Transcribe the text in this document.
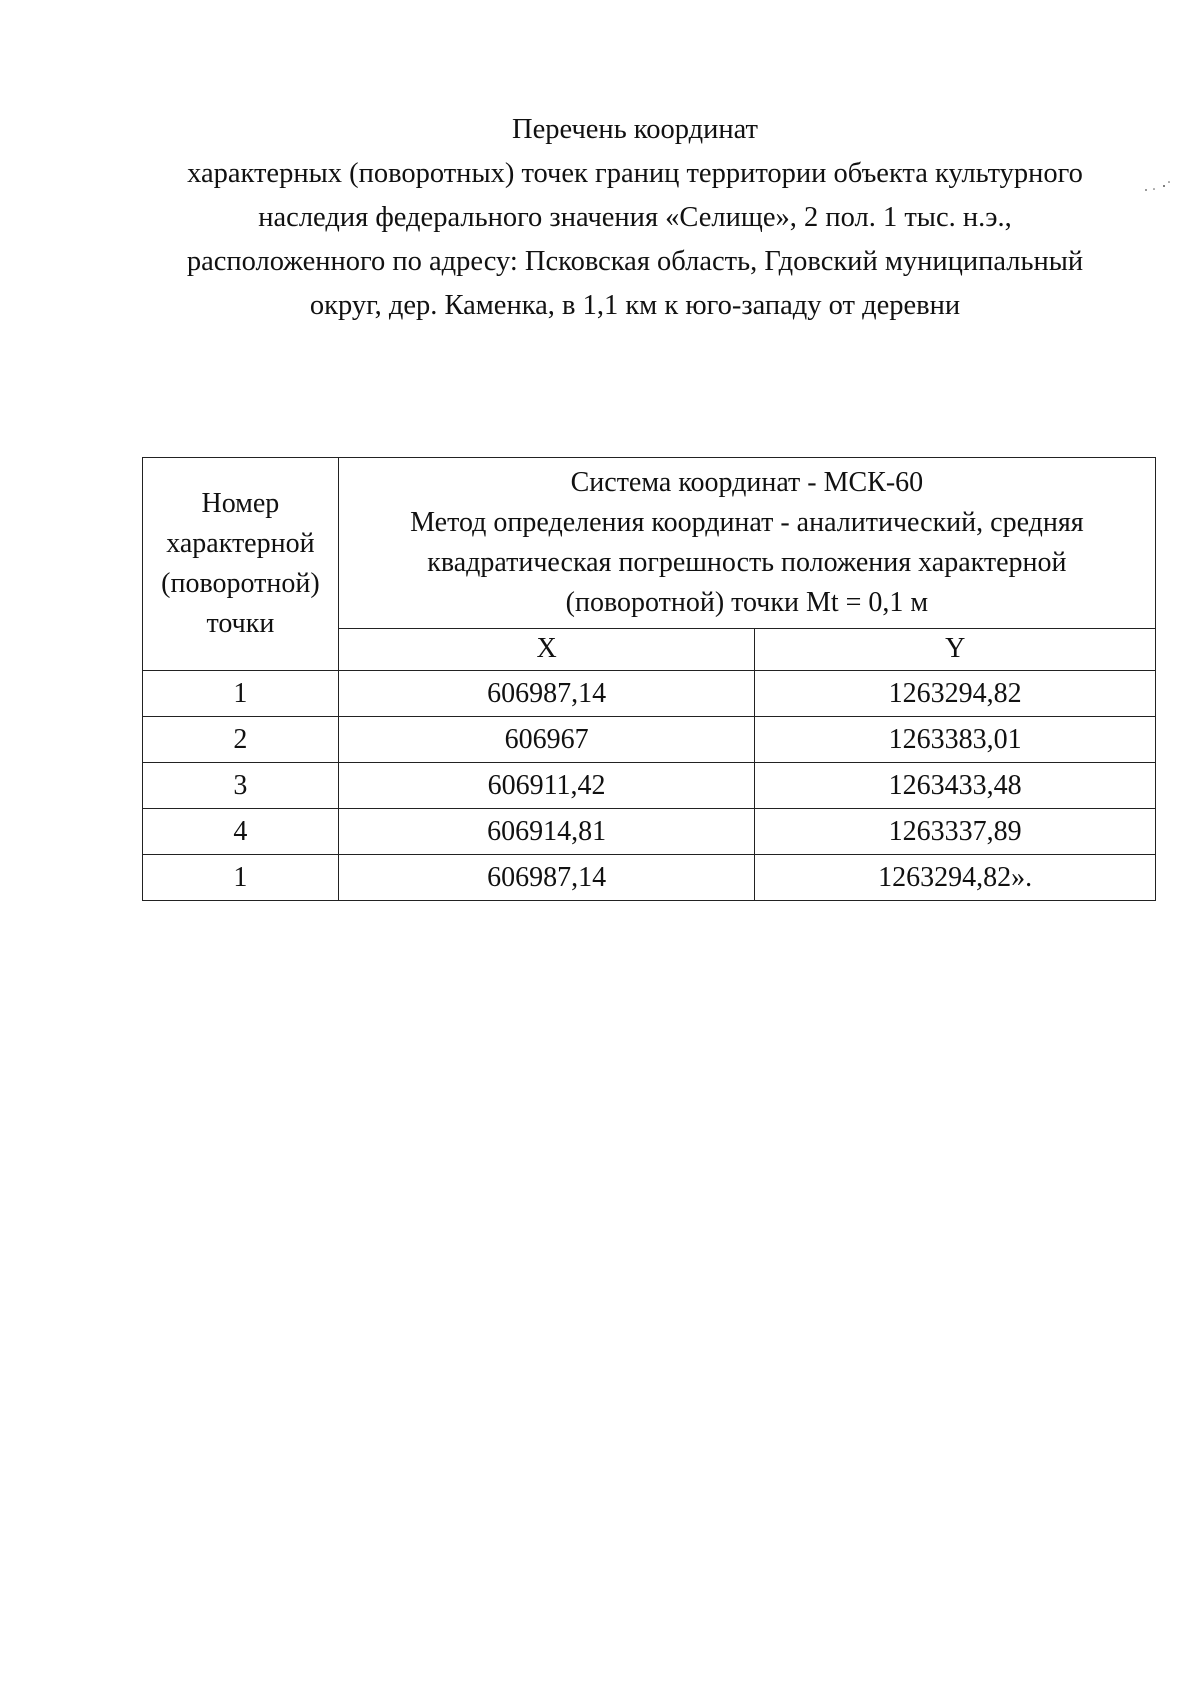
Перечень координат
характерных (поворотных) точек границ территории объекта культурного
наследия федерального значения «Селище», 2 пол. 1 тыс. н.э.,
расположенного по адресу: Псковская область, Гдовский муниципальный
округ, дер. Каменка, в 1,1 км к юго-западу от деревни
Номер
характерной
(поворотной)
точки	Система координат - МСК-60
Метод определения координат - аналитический, средняя
квадратическая погрешность положения характерной
(поворотной) точки Mt = 0,1 м	

	X	Y
1	606987,14	1263294,82
2	606967	1263383,01
3	606911,42	1263433,48
4	606914,81	1263337,89
1	606987,14	1263294,82».
